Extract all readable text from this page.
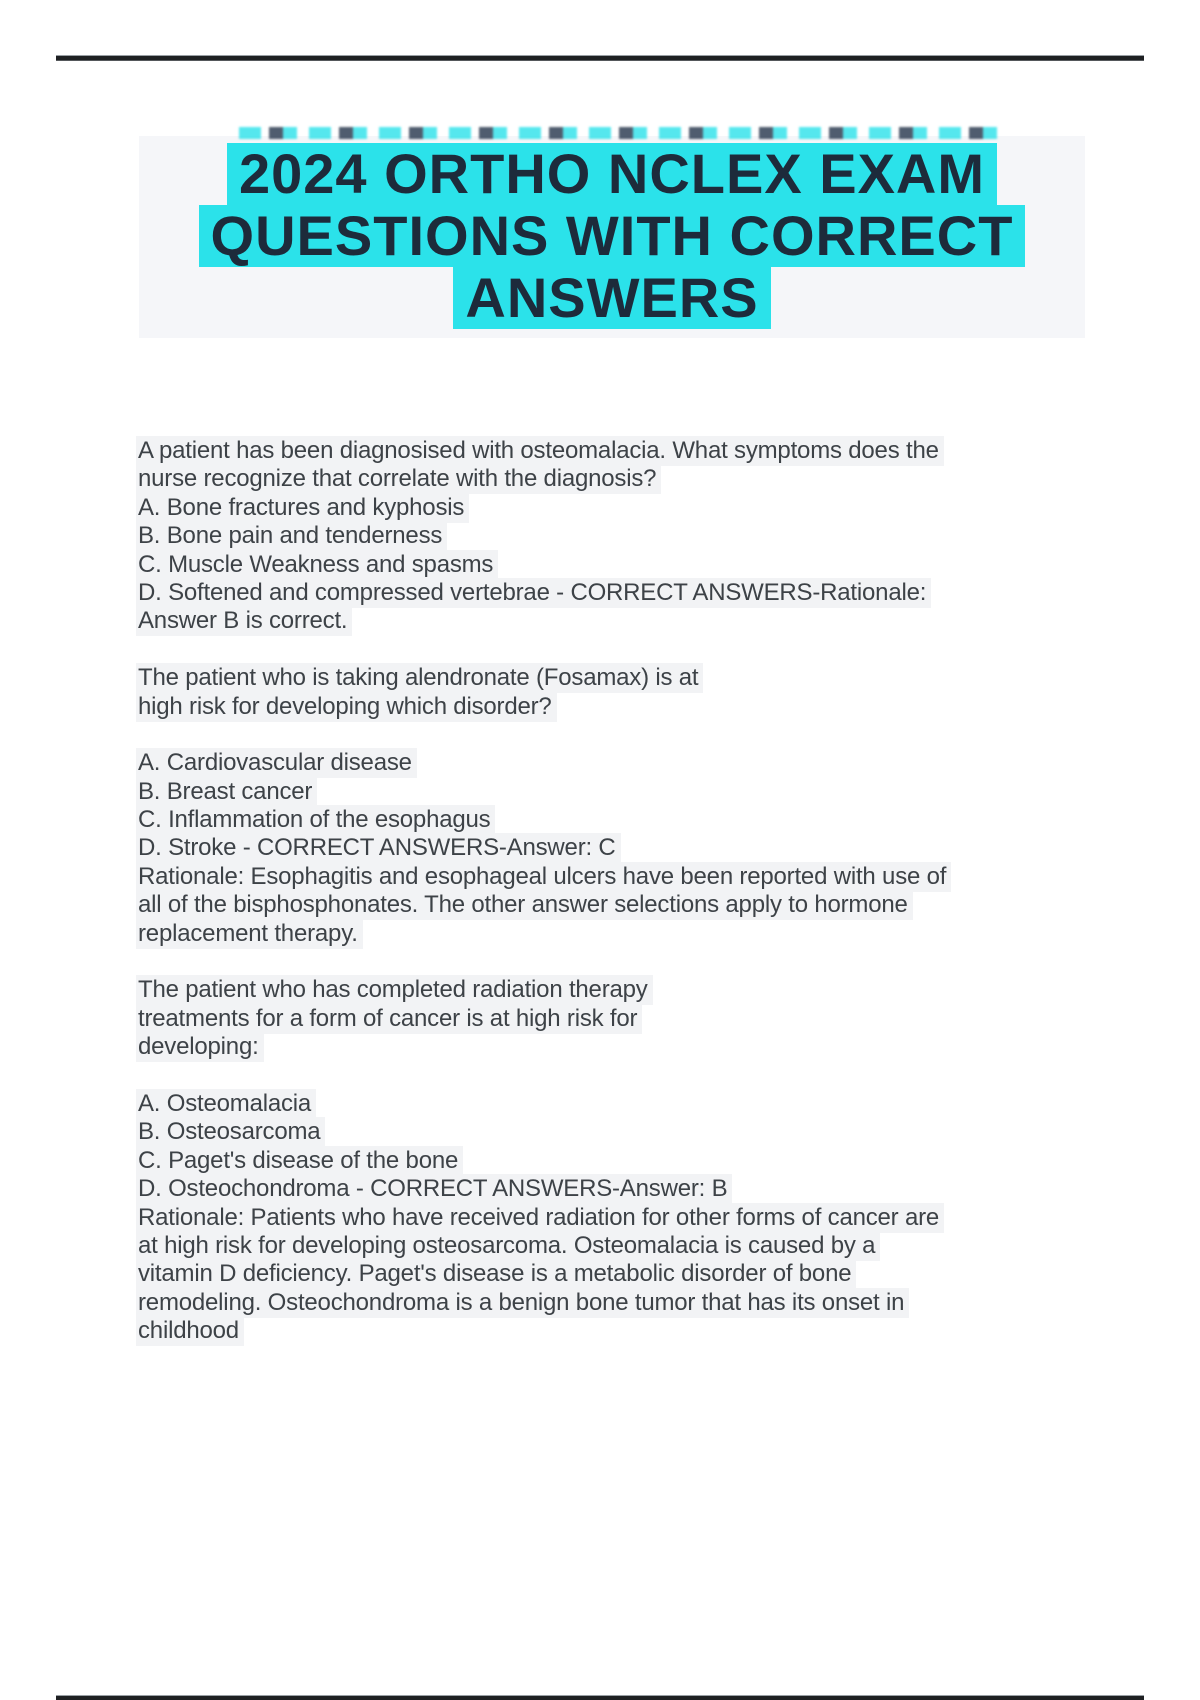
2024 ORTHO NCLEX EXAM
QUESTIONS WITH CORRECT
ANSWERS
A patient has been diagnosised with osteomalacia. What symptoms does the
nurse recognize that correlate with the diagnosis?
A. Bone fractures and kyphosis
B. Bone pain and tenderness
C. Muscle Weakness and spasms
D. Softened and compressed vertebrae - CORRECT ANSWERS-Rationale:
Answer B is correct.
The patient who is taking alendronate (Fosamax) is at
high risk for developing which disorder?
A. Cardiovascular disease
B. Breast cancer
C. Inflammation of the esophagus
D. Stroke - CORRECT ANSWERS-Answer: C
Rationale: Esophagitis and esophageal ulcers have been reported with use of
all of the bisphosphonates. The other answer selections apply to hormone
replacement therapy.
The patient who has completed radiation therapy
treatments for a form of cancer is at high risk for
developing:
A. Osteomalacia
B. Osteosarcoma
C. Paget's disease of the bone
D. Osteochondroma - CORRECT ANSWERS-Answer: B
Rationale: Patients who have received radiation for other forms of cancer are
at high risk for developing osteosarcoma. Osteomalacia is caused by a
vitamin D deficiency. Paget's disease is a metabolic disorder of bone
remodeling. Osteochondroma is a benign bone tumor that has its onset in
childhood
